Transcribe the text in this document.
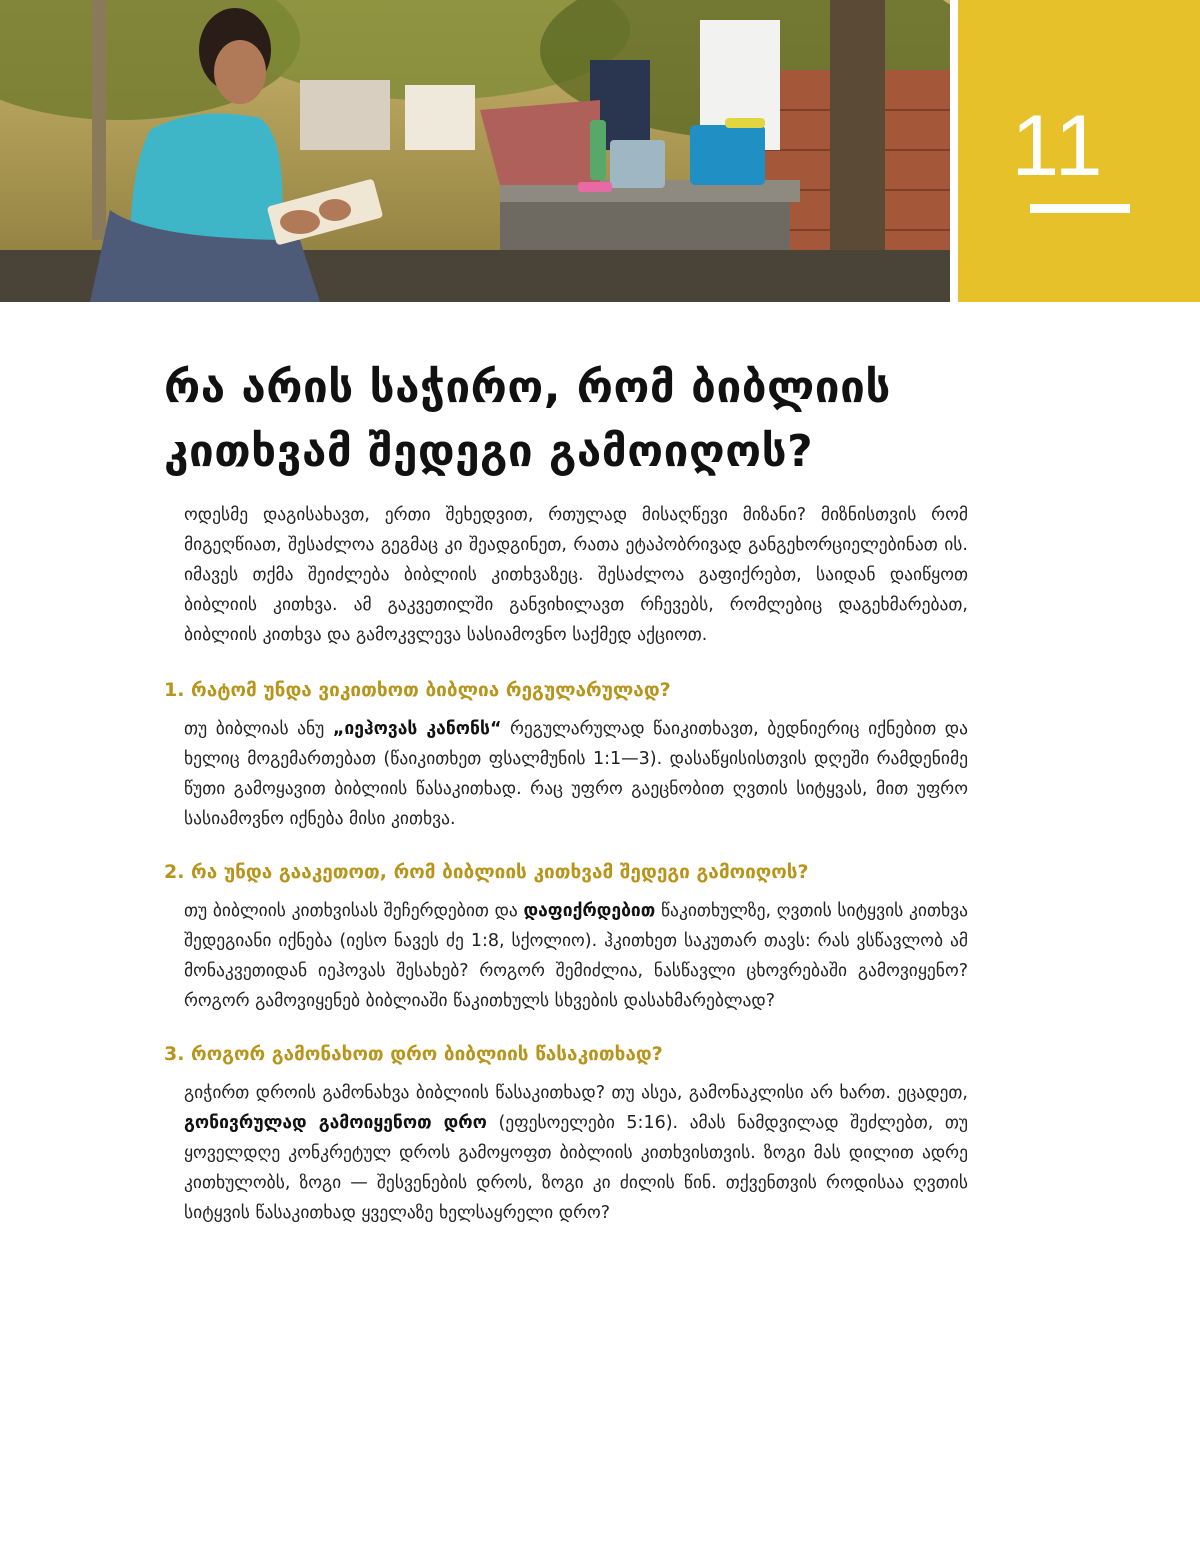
11
რა არის საჭირო, რომ ბიბლიის კითხვამ შედეგი გამოიღოს?

ოდესმე დაგისახავთ, ერთი შეხედვით, რთულად მისაღწევი მიზანი? მიზნისთვის რომ მიგეღწიათ, შესაძლოა გეგმაც კი შეადგინეთ, რათა ეტაპობრივად განგეხორციელებინათ ის. იმავეს თქმა შეიძლება ბიბლიის კითხვაზეც. შესაძლოა გაფიქრებთ, საიდან დაიწყოთ ბიბლიის კითხვა. ამ გაკვეთილში განვიხილავთ რჩევებს, რომლებიც დაგეხმარებათ, ბიბლიის კითხვა და გამოკვლევა სასიამოვნო საქმედ აქციოთ.

1. რატომ უნდა ვიკითხოთ ბიბლია რეგულარულად?

თუ ბიბლიას ანუ „იეჰოვას კანონს“ რეგულარულად წაიკითხავთ, ბედნიერიც იქნებით და ხელიც მოგემართებათ (წაიკითხეთ ფსალმუნის 1:1—3). დასაწყისისთვის დღეში რამდენიმე წუთი გამოყავით ბიბლიის წასაკითხად. რაც უფრო გაეცნობით ღვთის სიტყვას, მით უფრო სასიამოვნო იქნება მისი კითხვა.

2. რა უნდა გააკეთოთ, რომ ბიბლიის კითხვამ შედეგი გამოიღოს?

თუ ბიბლიის კითხვისას შეჩერდებით და დაფიქრდებით წაკითხულზე, ღვთის სიტყვის კითხვა შედეგიანი იქნება (იესო ნავეს ძე 1:8, სქოლიო). ჰკითხეთ საკუთარ თავს: რას ვსწავლობ ამ მონაკვეთიდან იეჰოვას შესახებ? როგორ შემიძლია, ნასწავლი ცხოვრებაში გამოვიყენო? როგორ გამოვიყენებ ბიბლიაში წაკითხულს სხვების დასახმარებლად?

3. როგორ გამონახოთ დრო ბიბლიის წასაკითხად?

გიჭირთ დროის გამონახვა ბიბლიის წასაკითხად? თუ ასეა, გამონაკლისი არ ხართ. ეცადეთ, გონივრულად გამოიყენოთ დრო (ეფესოელები 5:16). ამას ნამდვილად შეძლებთ, თუ ყოველდღე კონკრეტულ დროს გამოყოფთ ბიბლიის კითხვისთვის. ზოგი მას დილით ადრე კითხულობს, ზოგი — შესვენების დროს, ზოგი კი ძილის წინ. თქვენთვის როდისაა ღვთის სიტყვის წასაკითხად ყველაზე ხელსაყრელი დრო?
